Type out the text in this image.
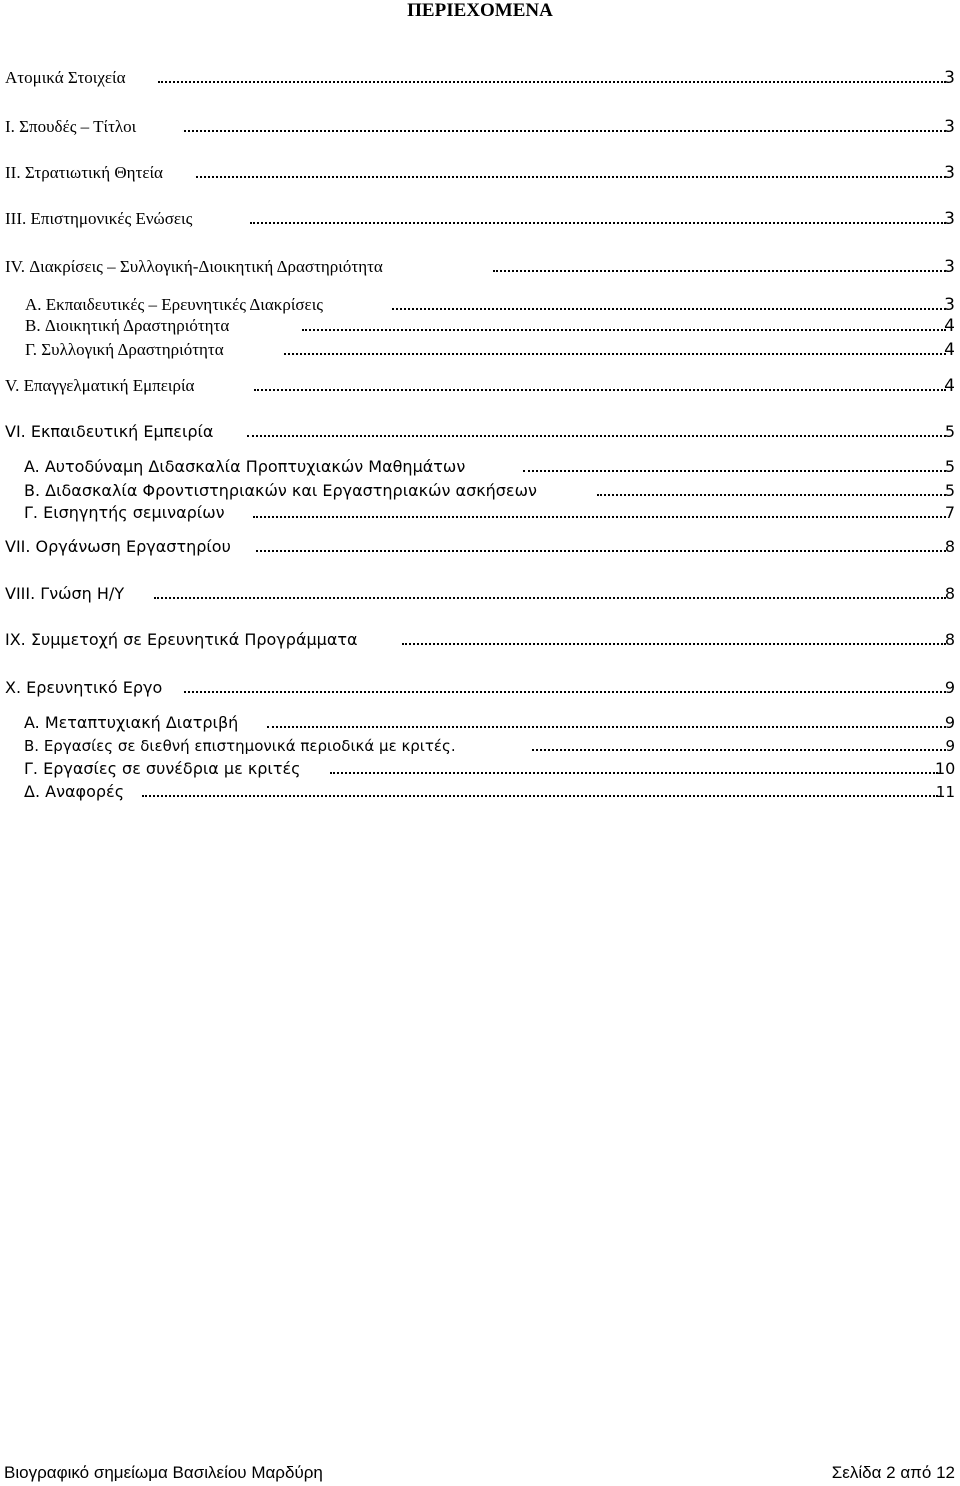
ΠΕΡΙΕΧΟΜΕΝΑ
Ατομικά Στοιχεία	3
I. Σπουδές – Τίτλοι	3
II. Στρατιωτική Θητεία	3
III. Επιστημονικές Ενώσεις	3
IV. Διακρίσεις – Συλλογική-Διοικητική Δραστηριότητα	3
A. Εκπαιδευτικές – Ερευνητικές Διακρίσεις	3
B. Διοικητική Δραστηριότητα	4
Γ. Συλλογική Δραστηριότητα	4
V. Επαγγελματική Εμπειρία	4
VI. Εκπαιδευτική Εμπειρία	5
A. Αυτοδύναμη Διδασκαλία Προπτυχιακών Μαθημάτων	5
B. Διδασκαλία Φροντιστηριακών και Εργαστηριακών ασκήσεων	5
Γ. Εισηγητής σεμιναρίων	7
VII. Οργάνωση Εργαστηρίου	8
VIII. Γνώση Η/Υ	8
IX. Συμμετοχή σε Ερευνητικά Προγράμματα	8
X. Ερευνητικό Εργο	9
A. Μεταπτυχιακή Διατριβή	9
B. Εργασίες σε διεθνή επιστημονικά περιοδικά με κριτές.	9
Γ. Εργασίες σε συνέδρια με κριτές	10
Δ. Αναφορές	11
Βιογραφικό σημείωμα Βασιλείου Μαρδύρη	Σελίδα 2 από 12
